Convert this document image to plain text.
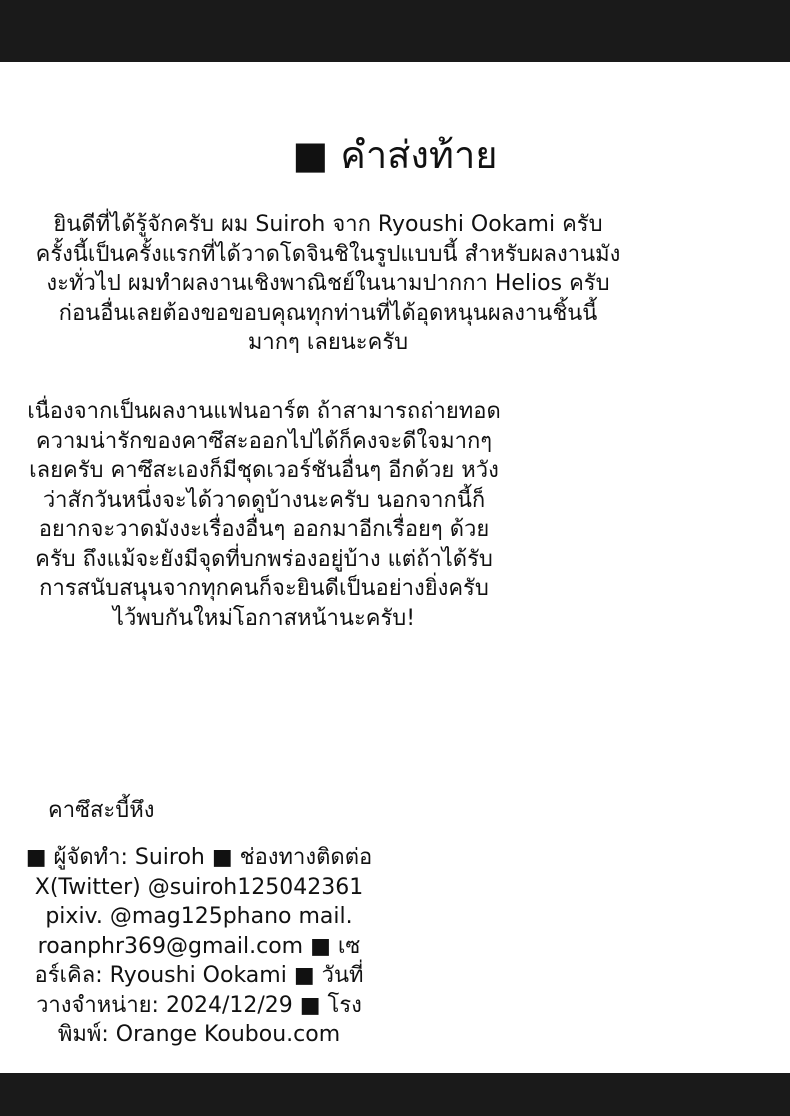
■ คำส่งท้าย
ยินดีที่ได้รู้จักครับ ผม Suiroh จาก Ryoushi Ookami ครับ
ครั้งนี้เป็นครั้งแรกที่ได้วาดโดจินชิในรูปแบบนี้ สำหรับผลงานมัง
งะทั่วไป ผมทำผลงานเชิงพาณิชย์ในนามปากกา Helios ครับ
ก่อนอื่นเลยต้องขอขอบคุณทุกท่านที่ได้อุดหนุนผลงานชิ้นนี้
มากๆ เลยนะครับ
เนื่องจากเป็นผลงานแฟนอาร์ต ถ้าสามารถถ่ายทอด
ความน่ารักของคาซึสะออกไปได้ก็คงจะดีใจมากๆ
เลยครับ คาซึสะเองก็มีชุดเวอร์ชันอื่นๆ อีกด้วย หวัง
ว่าสักวันหนึ่งจะได้วาดดูบ้างนะครับ นอกจากนี้ก็
อยากจะวาดมังงะเรื่องอื่นๆ ออกมาอีกเรื่อยๆ ด้วย
ครับ ถึงแม้จะยังมีจุดที่บกพร่องอยู่บ้าง แต่ถ้าได้รับ
การสนับสนุนจากทุกคนก็จะยินดีเป็นอย่างยิ่งครับ
ไว้พบกันใหม่โอกาสหน้านะครับ!
คาซึสะบี้หึง
■ ผู้จัดทำ: Suiroh ■ ช่องทางติดต่อ
X(Twitter) @suiroh125042361
pixiv. @mag125phano mail.
roanphr369@gmail.com ■ เซ
อร์เคิล: Ryoushi Ookami ■ วันที่
วางจำหน่าย: 2024/12/29 ■ โรง
พิมพ์: Orange Koubou.com
